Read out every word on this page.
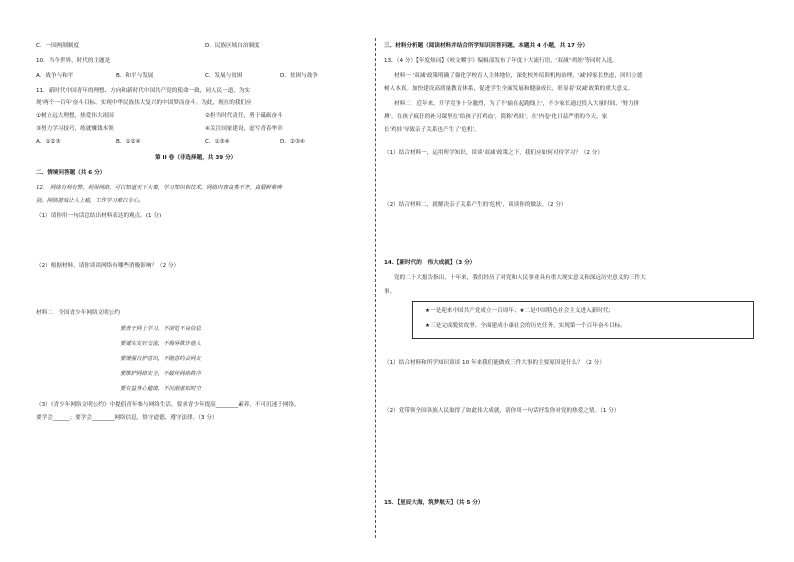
C．一国两制制度	D．民族区域自治制度
10．当今世界，时代的主题是
A．战争与和平	B．和平与发展	C．发展与贫困	D．贫困与战争
11．新时代中国青年的理想、方向和新时代中国共产党的使命一致，同人民一道，为实
现'两个一百年'奋斗目标、实现中华民族伟大复兴的中国梦而奋斗。为此，现在的我们应
①树立远大理想，热爱伟大祖国	②担当时代责任，勇于砥砺奋斗
③努力学习技巧，练就赚钱本领	④关注国家建设，虚写青春华章
A．①②③	B．①②④	C．①③④	D．②③④
第 II 卷（非选择题，共 39 分）
二、情境问答题（共 6 分）
12． 网络有利有弊。利用网络，可以知道天下大事，学习知识和技术。网络内容良莠不齐，真假鲜难辨
别。网络游戏让人上瘾，工作学习难以专心。
（1）请你用一句话总结出材料表达的观点。(1 分)
（2）根据材料，请你谈谈网络有哪些消极影响？（2 分）
材料二　全国青少年网络文明公约
要善于网上学习，不浏览不良信息
要诚实友好交流，不侮辱欺诈他人
要增强自护意识，不随意约会网友
要维护网络安全，不破坏网络秩序
要有益身心健康，不沉溺虚拟时空
（3）《青少年网络文明公约》中提倡青年参与网络生活，要求青少年提高________素养，不可沉迷于网络，
要学会______；要学会________网络信息，恪守道德，遵守法律。（3 分）
三、材料分析题（阅读材料并结合所学知识回答问题。本题共 4 小题，共 17 分）
13．（4 分）【年度热词】《咬文嚼字》编辑部发布了年度十大流行语，'双减''鸡娃'等同时入选。
材料一 '双减'政策明确了强化学校育人主体地位，深化校外培训机构治理，'减'掉家长焦虑，回归立德
树人本真。加快建设高质量教育体系，促进学生全面发展和健康成长，彰显着'双减'政策的重大意义。
材料二　近年来，升学竞争十分激烈，为了不'输在起跑线上'，不少家长通过投入大量时间、'努力拼
搏'，在孩子疯狂的补习课里在'给孩子打鸡血'，简称'鸡娃'。在'内卷'化日益严重的今天，家
长'鸡娃'导致亲子关系也产生了'危机'。
（1）结合材料一，运用所学知识，谈谈'双减'政策之下，我们应如何对待学习？（2 分）
（2）结合材料二，就解决亲子关系产生的'危机'，谈谈你的做法。（2 分）
14.【新时代的　伟大成就】（3 分）
党的二十大报告指出，十年来，我们经历了对党和人民事业具有重大现实意义和深远历史意义的三件大
事。
★一是迎来中国共产党成立一百周年；★二是中国特色社会主义进入新时代；
★三是完成脱贫攻坚、全面建成小康社会的历史任务，实现第一个百年奋斗目标。
（1）结合材料和所学知识谈谈 10 年来我们能做成三件大事的主要原因是什么？（2 分）
（2）党带领全国各族人民取得了如此伟大成就，请你用一句话抒发你对党的热爱之情。（1 分）
15．【星辰大海，筑梦航天】（共 5 分）
